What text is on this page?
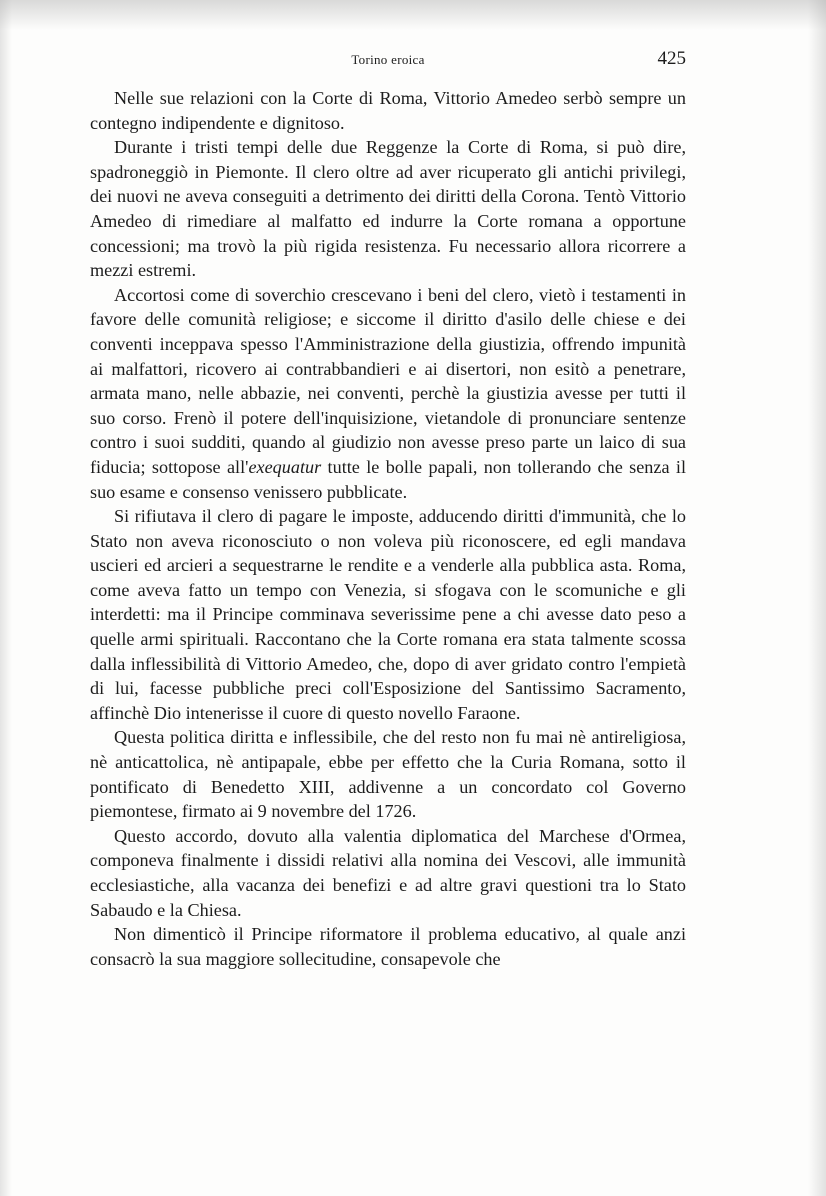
Torino eroica	425

Nelle sue relazioni con la Corte di Roma, Vittorio Amedeo serbò sempre un contegno indipendente e dignitoso.

Durante i tristi tempi delle due Reggenze la Corte di Roma, si può dire, spadroneggiò in Piemonte. Il clero oltre ad aver ricuperato gli antichi privilegi, dei nuovi ne aveva conseguiti a detrimento dei diritti della Corona. Tentò Vittorio Amedeo di rimediare al malfatto ed indurre la Corte romana a opportune concessioni; ma trovò la più rigida resistenza. Fu necessario allora ricorrere a mezzi estremi.

Accortosi come di soverchio crescevano i beni del clero, vietò i testamenti in favore delle comunità religiose; e siccome il diritto d'asilo delle chiese e dei conventi inceppava spesso l'Amministrazione della giustizia, offrendo impunità ai malfattori, ricovero ai contrabbandieri e ai disertori, non esitò a penetrare, armata mano, nelle abbazie, nei conventi, perchè la giustizia avesse per tutti il suo corso. Frenò il potere dell'inquisizione, vietandole di pronunciare sentenze contro i suoi sudditi, quando al giudizio non avesse preso parte un laico di sua fiducia; sottopose all'exequatur tutte le bolle papali, non tollerando che senza il suo esame e consenso venissero pubblicate.

Si rifiutava il clero di pagare le imposte, adducendo diritti d'immunità, che lo Stato non aveva riconosciuto o non voleva più riconoscere, ed egli mandava uscieri ed arcieri a sequestrarne le rendite e a venderle alla pubblica asta. Roma, come aveva fatto un tempo con Venezia, si sfogava con le scomuniche e gli interdetti: ma il Principe comminava severissime pene a chi avesse dato peso a quelle armi spirituali. Raccontano che la Corte romana era stata talmente scossa dalla inflessibilità di Vittorio Amedeo, che, dopo di aver gridato contro l'empietà di lui, facesse pubbliche preci coll'Esposizione del Santissimo Sacramento, affinchè Dio intenerisse il cuore di questo novello Faraone.

Questa politica diritta e inflessibile, che del resto non fu mai nè antireligiosa, nè anticattolica, nè antipapale, ebbe per effetto che la Curia Romana, sotto il pontificato di Benedetto XIII, addivenne a un concordato col Governo piemontese, firmato ai 9 novembre del 1726.

Questo accordo, dovuto alla valentia diplomatica del Marchese d'Ormea, componeva finalmente i dissidi relativi alla nomina dei Vescovi, alle immunità ecclesiastiche, alla vacanza dei benefizi e ad altre gravi questioni tra lo Stato Sabaudo e la Chiesa.

Non dimenticò il Principe riformatore il problema educativo, al quale anzi consacrò la sua maggiore sollecitudine, consapevole che
